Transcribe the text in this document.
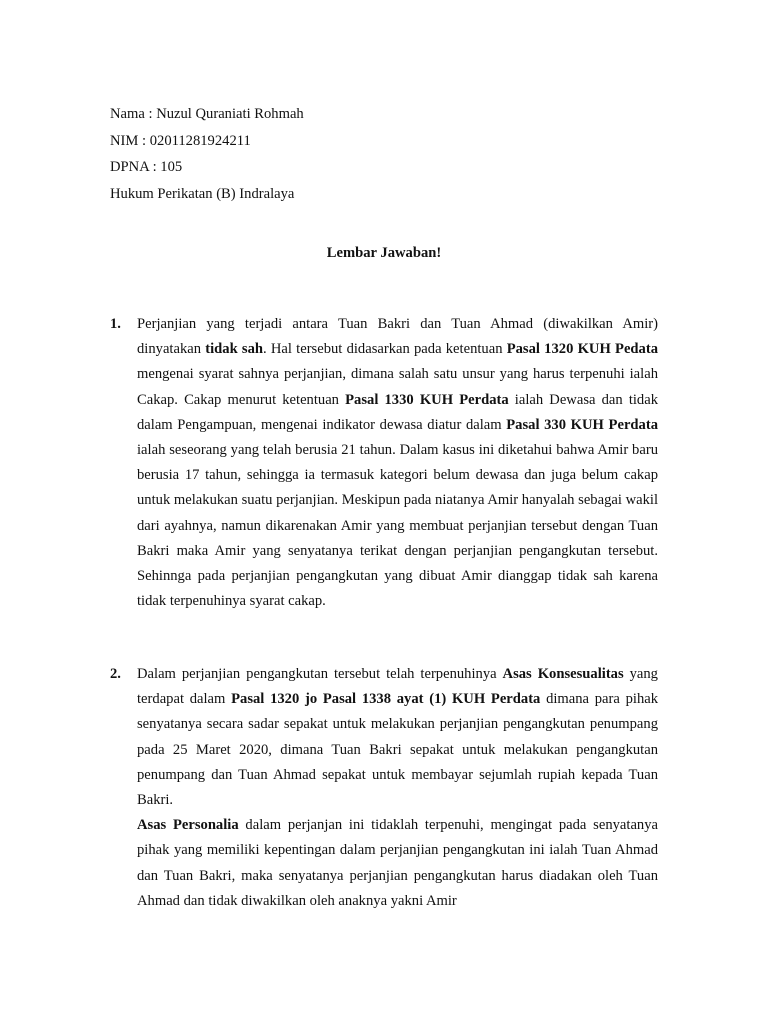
Nama : Nuzul Quraniati Rohmah
NIM : 02011281924211
DPNA : 105
Hukum Perikatan (B) Indralaya
Lembar Jawaban!
1.	Perjanjian yang terjadi antara Tuan Bakri dan Tuan Ahmad (diwakilkan Amir) dinyatakan tidak sah. Hal tersebut didasarkan pada ketentuan Pasal 1320 KUH Pedata mengenai syarat sahnya perjanjian, dimana salah satu unsur yang harus terpenuhi ialah Cakap. Cakap menurut ketentuan Pasal 1330 KUH Perdata ialah Dewasa dan tidak dalam Pengampuan, mengenai indikator dewasa diatur dalam Pasal 330 KUH Perdata ialah seseorang yang telah berusia 21 tahun. Dalam kasus ini diketahui bahwa Amir baru berusia 17 tahun, sehingga ia termasuk kategori belum dewasa dan juga belum cakap untuk melakukan suatu perjanjian. Meskipun pada niatanya Amir hanyalah sebagai wakil dari ayahnya, namun dikarenakan Amir yang membuat perjanjian tersebut dengan Tuan Bakri maka Amir yang senyatanya terikat dengan perjanjian pengangkutan tersebut. Sehinnga pada perjanjian pengangkutan yang dibuat Amir dianggap tidak sah karena tidak terpenuhinya syarat cakap.

2.	Dalam perjanjian pengangkutan tersebut telah terpenuhinya Asas Konsesualitas yang terdapat dalam Pasal 1320 jo Pasal 1338 ayat (1) KUH Perdata dimana para pihak senyatanya secara sadar sepakat untuk melakukan perjanjian pengangkutan penumpang pada 25 Maret 2020, dimana Tuan Bakri sepakat untuk melakukan pengangkutan penumpang dan Tuan Ahmad sepakat untuk membayar sejumlah rupiah kepada Tuan Bakri.

Asas Personalia dalam perjanjan ini tidaklah terpenuhi, mengingat pada senyatanya pihak yang memiliki kepentingan dalam perjanjian pengangkutan ini ialah Tuan Ahmad dan Tuan Bakri, maka senyatanya perjanjian pengangkutan harus diadakan oleh Tuan Ahmad dan tidak diwakilkan oleh anaknya yakni Amir
